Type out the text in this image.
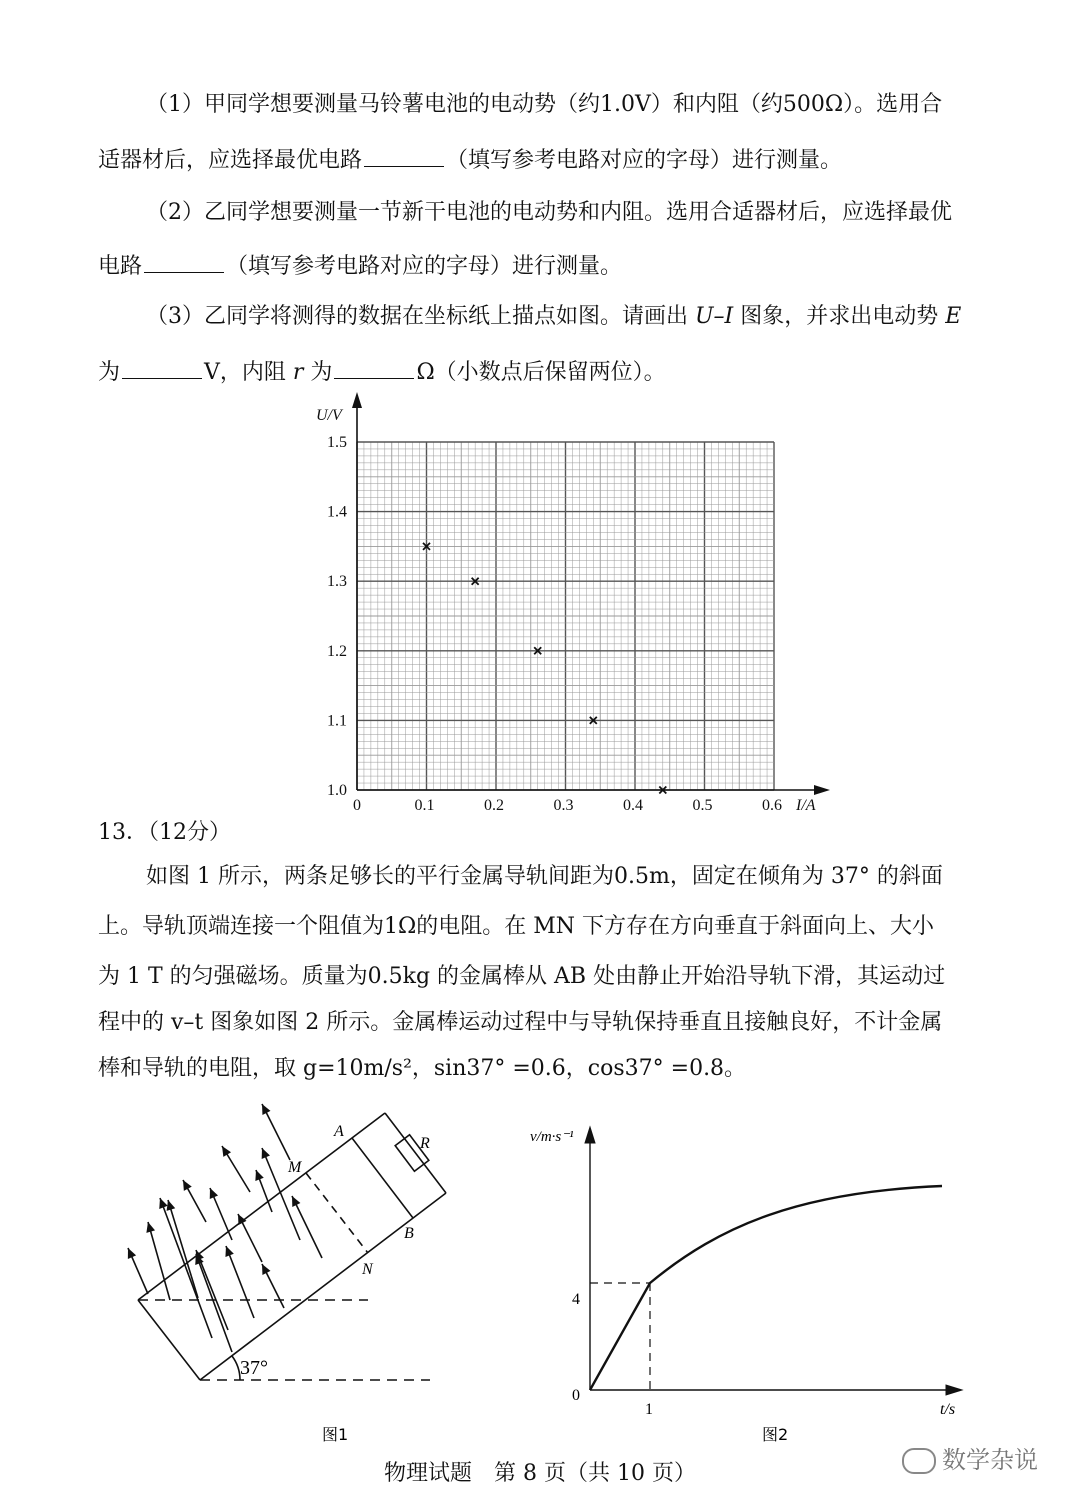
（1）甲同学想要测量马铃薯电池的电动势（约1.0V）和内阻（约500Ω）。选用合
适器材后，应选择最优电路	（填写参考电路对应的字母）进行测量。
（2）乙同学想要测量一节新干电池的电动势和内阻。选用合适器材后，应选择最优
电路	（填写参考电路对应的字母）进行测量。
（3）乙同学将测得的数据在坐标纸上描点如图。请画出 U–I 图象，并求出电动势 E
为	V，内阻 r 为	Ω（小数点后保留两位）。
0	0.1	0.2	0.3	0.4	0.5	0.6
1.0
1.1
1.2
1.3
1.4
1.5
I/A
U/V
A
M
R
B
N
37°
图1
v/m·s⁻¹
4
0
1	t/s
图2
13．（12分）
如图 1 所示，两条足够长的平行金属导轨间距为0.5m，固定在倾角为 37° 的斜面
上。导轨顶端连接一个阻值为1Ω的电阻。在 MN 下方存在方向垂直于斜面向上、大小
为 1 T 的匀强磁场。质量为0.5kg 的金属棒从 AB 处由静止开始沿导轨下滑，其运动过
程中的 v–t 图象如图 2 所示。金属棒运动过程中与导轨保持垂直且接触良好，不计金属
棒和导轨的电阻，取 g=10m/s²，sin37° =0.6，cos37° =0.8。
物理试题　第 8 页（共 10 页）	数学杂说
